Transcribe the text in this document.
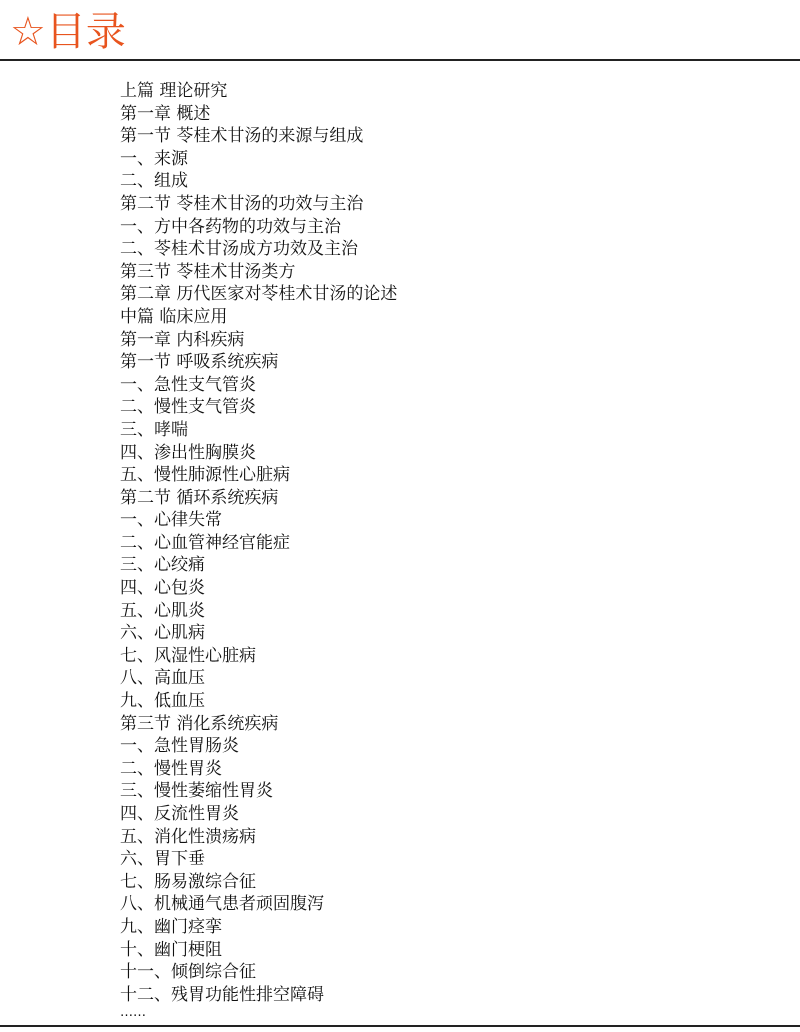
☆目录
上篇 理论研究
第一章 概述
第一节 苓桂术甘汤的来源与组成
一、来源
二、组成
第二节 苓桂术甘汤的功效与主治
一、方中各药物的功效与主治
二、苓桂术甘汤成方功效及主治
第三节 苓桂术甘汤类方
第二章 历代医家对苓桂术甘汤的论述
中篇 临床应用
第一章 内科疾病
第一节 呼吸系统疾病
一、急性支气管炎
二、慢性支气管炎
三、哮喘
四、渗出性胸膜炎
五、慢性肺源性心脏病
第二节 循环系统疾病
一、心律失常
二、心血管神经官能症
三、心绞痛
四、心包炎
五、心肌炎
六、心肌病
七、风湿性心脏病
八、高血压
九、低血压
第三节 消化系统疾病
一、急性胃肠炎
二、慢性胃炎
三、慢性萎缩性胃炎
四、反流性胃炎
五、消化性溃疡病
六、胃下垂
七、肠易激综合征
八、机械通气患者顽固腹泻
九、幽门痉挛
十、幽门梗阻
十一、倾倒综合征
十二、残胃功能性排空障碍
……
